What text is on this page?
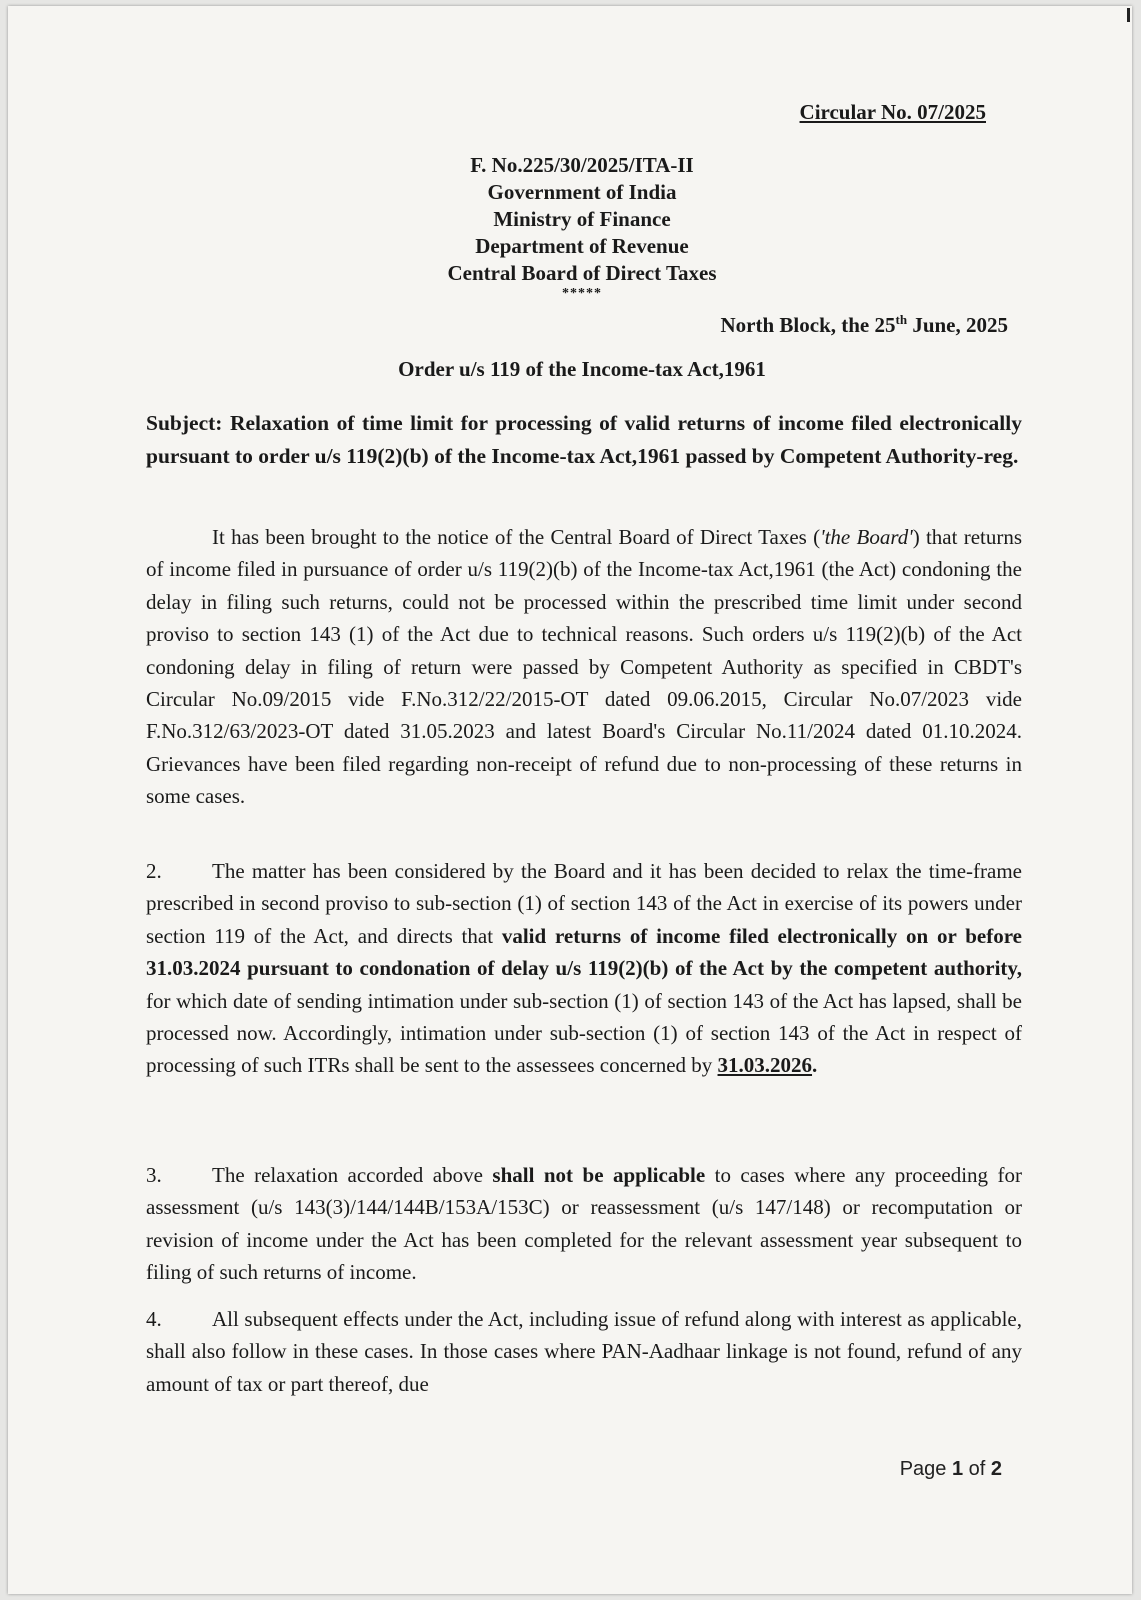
Circular No. 07/2025
F. No.225/30/2025/ITA-II
Government of India
Ministry of Finance
Department of Revenue
Central Board of Direct Taxes
*****
North Block, the 25th June, 2025
Order u/s 119 of the Income-tax Act,1961
Subject: Relaxation of time limit for processing of valid returns of income filed electronically pursuant to order u/s 119(2)(b) of the Income-tax Act,1961 passed by Competent Authority-reg.
It has been brought to the notice of the Central Board of Direct Taxes ('the Board') that returns of income filed in pursuance of order u/s 119(2)(b) of the Income-tax Act,1961 (the Act) condoning the delay in filing such returns, could not be processed within the prescribed time limit under second proviso to section 143 (1) of the Act due to technical reasons. Such orders u/s 119(2)(b) of the Act condoning delay in filing of return were passed by Competent Authority as specified in CBDT's Circular No.09/2015 vide F.No.312/22/2015-OT dated 09.06.2015, Circular No.07/2023 vide F.No.312/63/2023-OT dated 31.05.2023 and latest Board's Circular No.11/2024 dated 01.10.2024. Grievances have been filed regarding non-receipt of refund due to non-processing of these returns in some cases.
2. The matter has been considered by the Board and it has been decided to relax the time-frame prescribed in second proviso to sub-section (1) of section 143 of the Act in exercise of its powers under section 119 of the Act, and directs that valid returns of income filed electronically on or before 31.03.2024 pursuant to condonation of delay u/s 119(2)(b) of the Act by the competent authority, for which date of sending intimation under sub-section (1) of section 143 of the Act has lapsed, shall be processed now. Accordingly, intimation under sub-section (1) of section 143 of the Act in respect of processing of such ITRs shall be sent to the assessees concerned by 31.03.2026.
3. The relaxation accorded above shall not be applicable to cases where any proceeding for assessment (u/s 143(3)/144/144B/153A/153C) or reassessment (u/s 147/148) or recomputation or revision of income under the Act has been completed for the relevant assessment year subsequent to filing of such returns of income.
4. All subsequent effects under the Act, including issue of refund along with interest as applicable, shall also follow in these cases. In those cases where PAN-Aadhaar linkage is not found, refund of any amount of tax or part thereof, due
Page 1 of 2
